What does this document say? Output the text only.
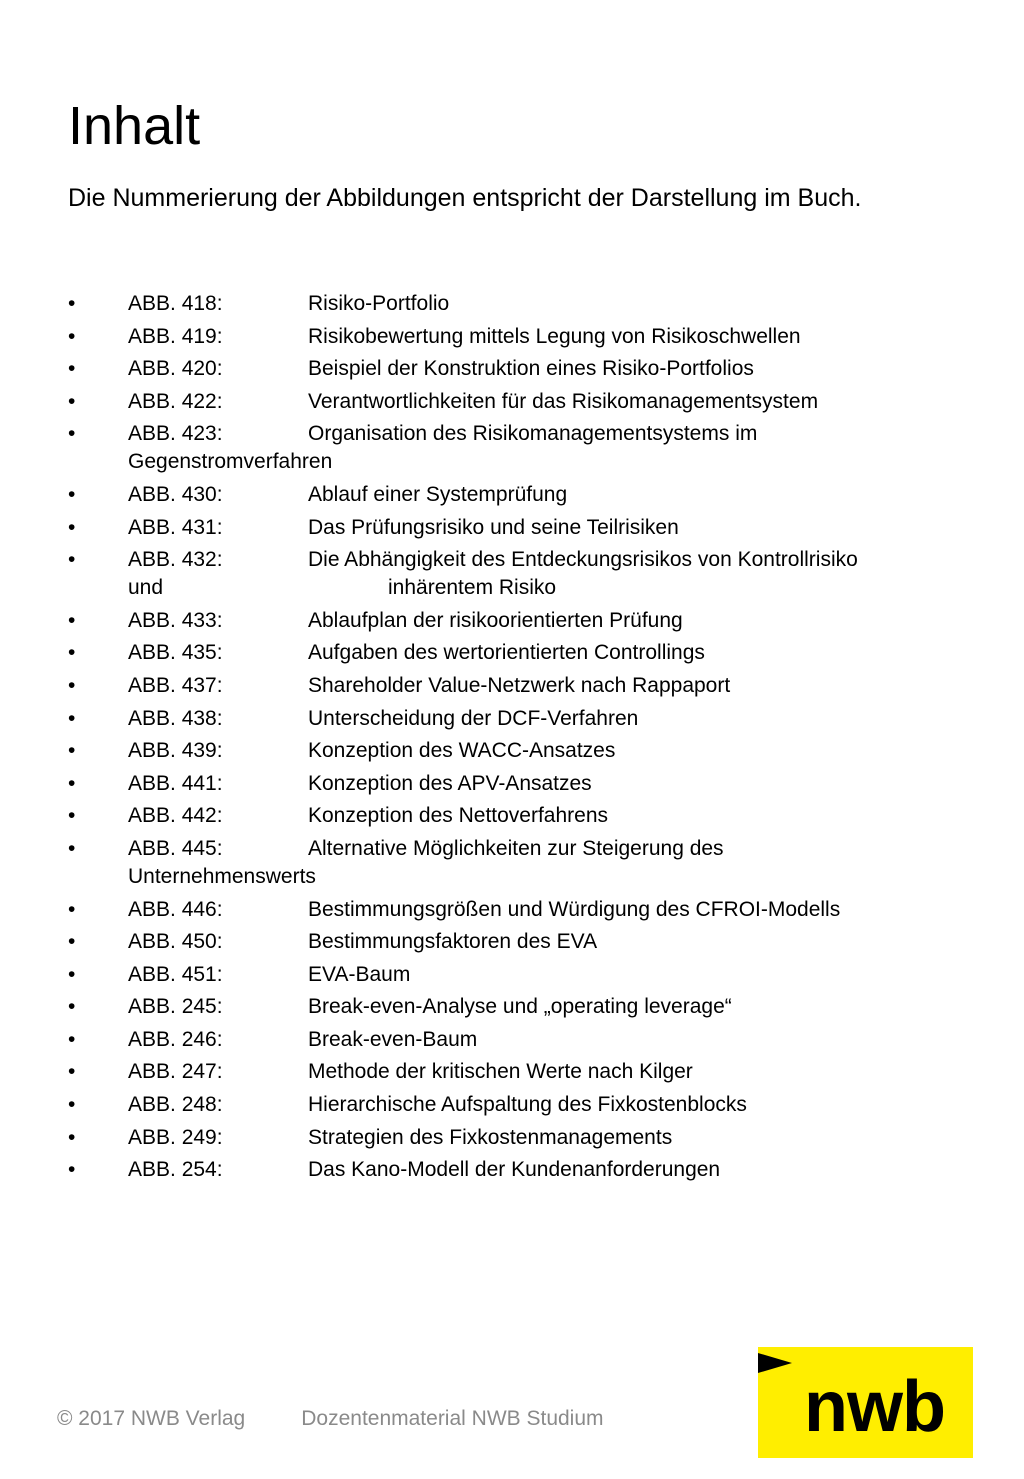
Inhalt

Die Nummerierung der Abbildungen entspricht der Darstellung im Buch.

•	ABB. 418:	Risiko-Portfolio
•	ABB. 419:	Risikobewertung mittels Legung von Risikoschwellen
•	ABB. 420:	Beispiel der Konstruktion eines Risiko-Portfolios
•	ABB. 422:	Verantwortlichkeiten für das Risikomanagementsystem
•	ABB. 423:	Organisation des Risikomanagementsystems im
Gegenstromverfahren
•	ABB. 430:	Ablauf einer Systemprüfung
•	ABB. 431:	Das Prüfungsrisiko und seine Teilrisiken
•	ABB. 432:	Die Abhängigkeit des Entdeckungsrisikos von Kontrollrisiko
und	inhärentem Risiko
•	ABB. 433:	Ablaufplan der risikoorientierten Prüfung
•	ABB. 435:	Aufgaben des wertorientierten Controllings
•	ABB. 437:	Shareholder Value-Netzwerk nach Rappaport
•	ABB. 438:	Unterscheidung der DCF-Verfahren
•	ABB. 439:	Konzeption des WACC-Ansatzes
•	ABB. 441:	Konzeption des APV-Ansatzes
•	ABB. 442:	Konzeption des Nettoverfahrens
•	ABB. 445:	Alternative Möglichkeiten zur Steigerung des
Unternehmenswerts
•	ABB. 446:	Bestimmungsgrößen und Würdigung des CFROI-Modells
•	ABB. 450:	Bestimmungsfaktoren des EVA
•	ABB. 451:	EVA-Baum
•	ABB. 245:	Break-even-Analyse und „operating leverage“
•	ABB. 246:	Break-even-Baum
•	ABB. 247:	Methode der kritischen Werte nach Kilger
•	ABB. 248:	Hierarchische Aufspaltung des Fixkostenblocks
•	ABB. 249:	Strategien des Fixkostenmanagements
•	ABB. 254:	Das Kano-Modell der Kundenanforderungen
© 2017 NWB Verlag	Dozentenmaterial NWB Studium	nwb
